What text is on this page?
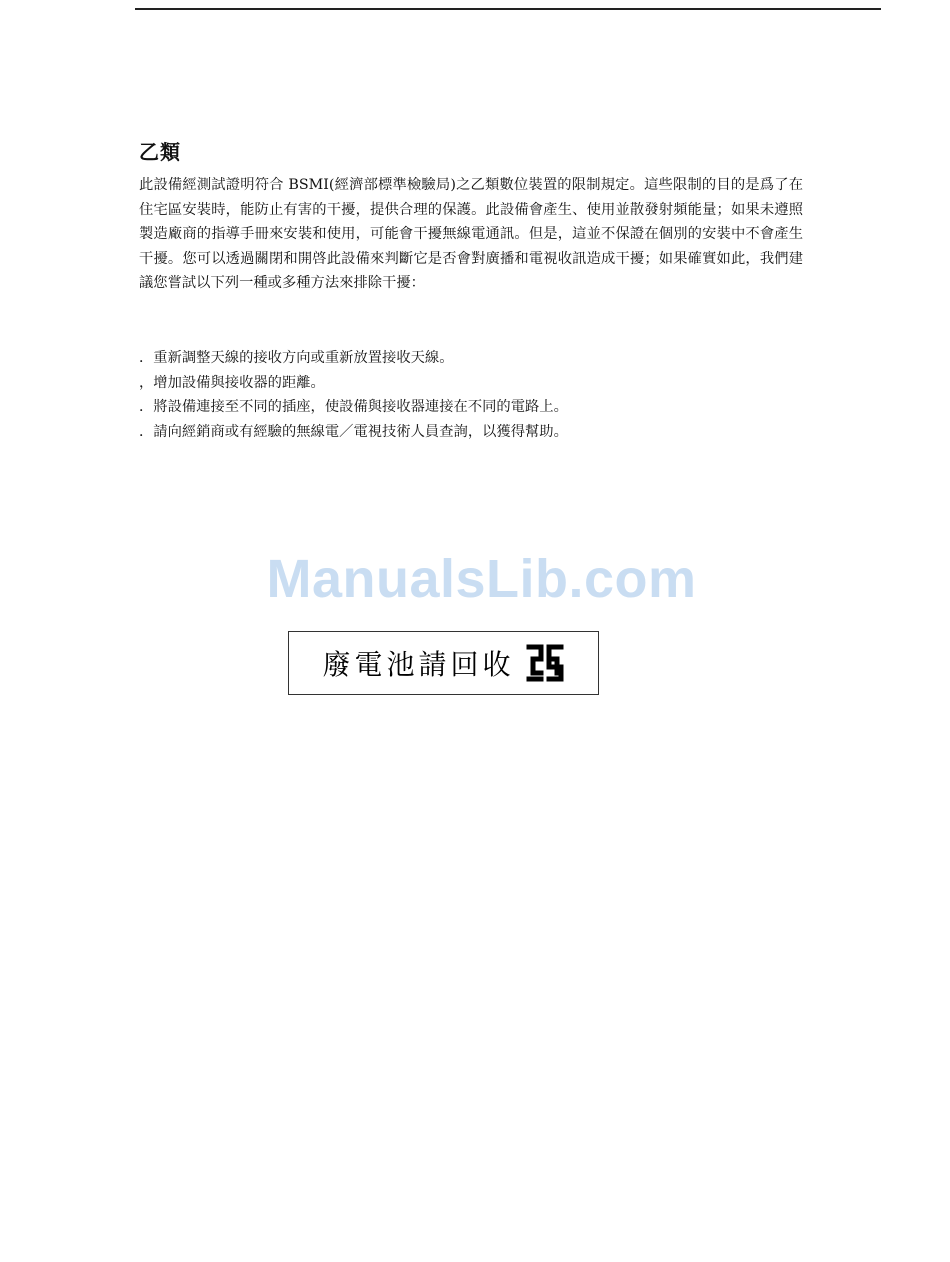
乙類

此設備經測試證明符合 BSMI(經濟部標準檢驗局)之乙類數位裝置的限制規定。這些限制的目的是爲了在住宅區安裝時，能防止有害的干擾，提供合理的保護。此設備會產生、使用並散發射頻能量；如果未遵照製造廠商的指導手冊來安裝和使用，可能會干擾無線電通訊。但是，這並不保證在個別的安裝中不會產生干擾。您可以透過關閉和開啓此設備來判斷它是否會對廣播和電視收訊造成干擾；如果確實如此，我們建議您嘗試以下列一種或多種方法來排除干擾：

．重新調整天線的接收方向或重新放置接收天線。
，增加設備與接收器的距離。
．將設備連接至不同的插座，使設備與接收器連接在不同的電路上。
．請向經銷商或有經驗的無線電／電視技術人員查詢，以獲得幫助。
ManualsLib.com
廢電池請回收
